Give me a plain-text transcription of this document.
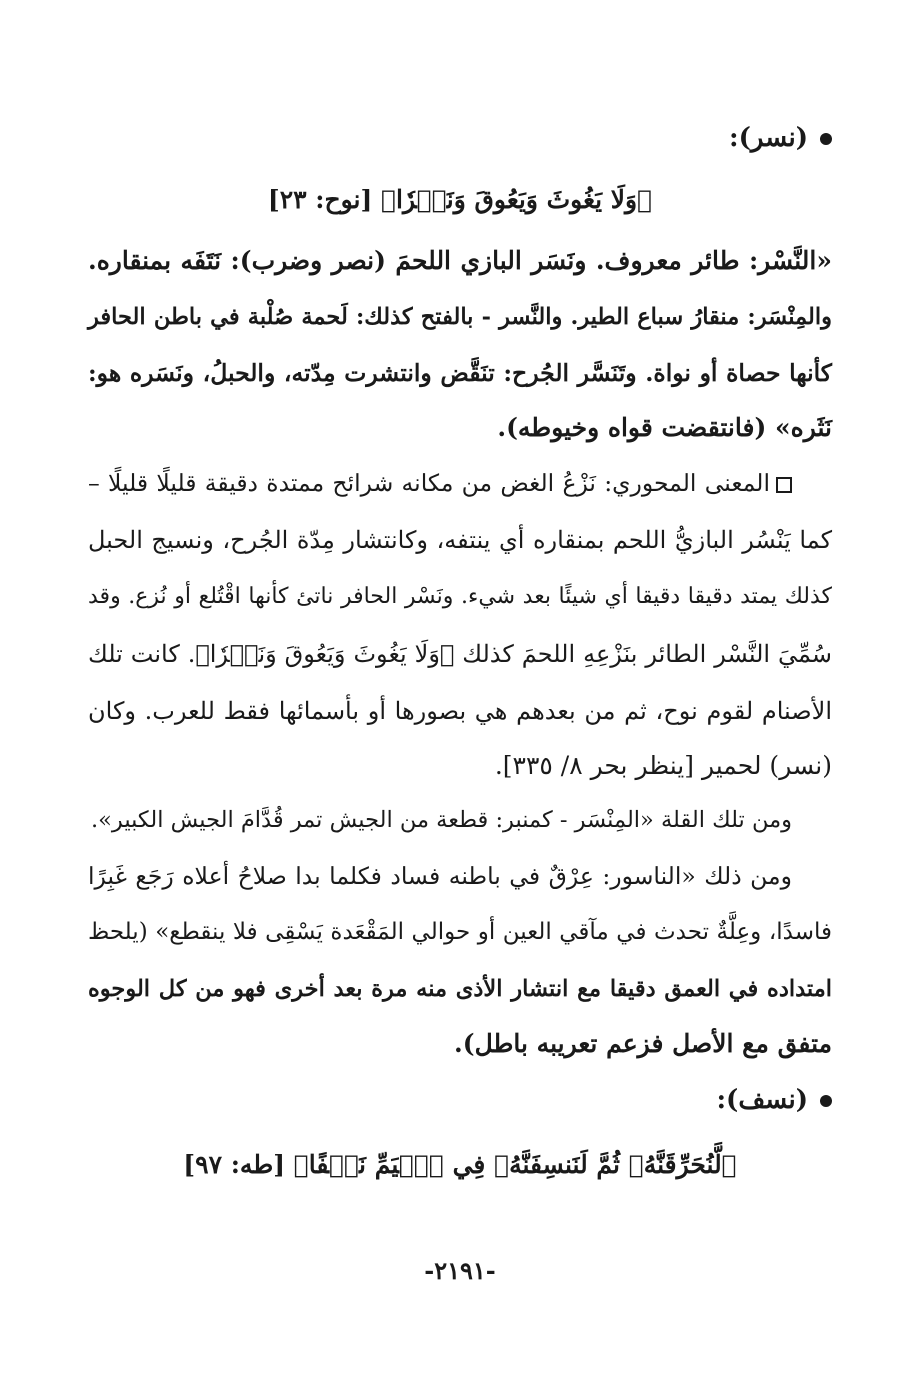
(نسر):
﴿وَلَا يَغُوثَ وَيَعُوقَ وَنَسۡرٗا﴾ [نوح: ٢٣]
«النَّسْر: طائر معروف. ونَسَر البازي اللحمَ (نصر وضرب): نَتَفَه بمنقاره.
والمِنْسَر: منقارُ سباع الطير. والنَّسر - بالفتح كذلك: لَحمة صُلْبة في باطن الحافر
كأنها حصاة أو نواة. وتَنَسَّر الجُرح: تنَقَّض وانتشرت مِدّته، والحبلُ، ونَسَره هو:
نَثَره» (فانتقضت قواه وخيوطه).
المعنى المحوري: نَزْعُ الغض من مكانه شرائح ممتدة دقيقة قليلًا قليلًا –
كما يَنْسُر البازيُّ اللحم بمنقاره أي ينتفه، وكانتشار مِدّة الجُرح، ونسيج الحبل
كذلك يمتد دقيقا دقيقا أي شيئًا بعد شيء. ونَسْر الحافر ناتئ كأنها اقْتُلع أو نُزع. وقد
سُمِّيَ النَّسْر الطائر بنَزْعِهِ اللحمَ كذلك ﴿وَلَا يَغُوثَ وَيَعُوقَ وَنَسۡرٗا﴾. كانت تلك
الأصنام لقوم نوح، ثم من بعدهم هي بصورها أو بأسمائها فقط للعرب. وكان
(نسر) لحمير [ينظر بحر ٨/ ٣٣٥].
ومن تلك القلة «المِنْسَر - كمنبر: قطعة من الجيش تمر قُدَّامَ الجيش الكبير».
ومن ذلك «الناسور: عِرْقٌ في باطنه فساد فكلما بدا صلاحُ أعلاه رَجَع غَبِرًا
فاسدًا، وعِلَّةٌ تحدث في مآقي العين أو حوالي المَقْعَدة يَسْقِى فلا ينقطع» (يلحظ
امتداده في العمق دقيقا مع انتشار الأذى منه مرة بعد أخرى فهو من كل الوجوه
متفق مع الأصل فزعم تعريبه باطل).
(نسف):
﴿لَّنُحَرِّقَنَّهُۥ ثُمَّ لَنَنسِفَنَّهُۥ فِي ٱلۡيَمِّ نَسۡفًا﴾ [طه: ٩٧]
-٢١٩١-
